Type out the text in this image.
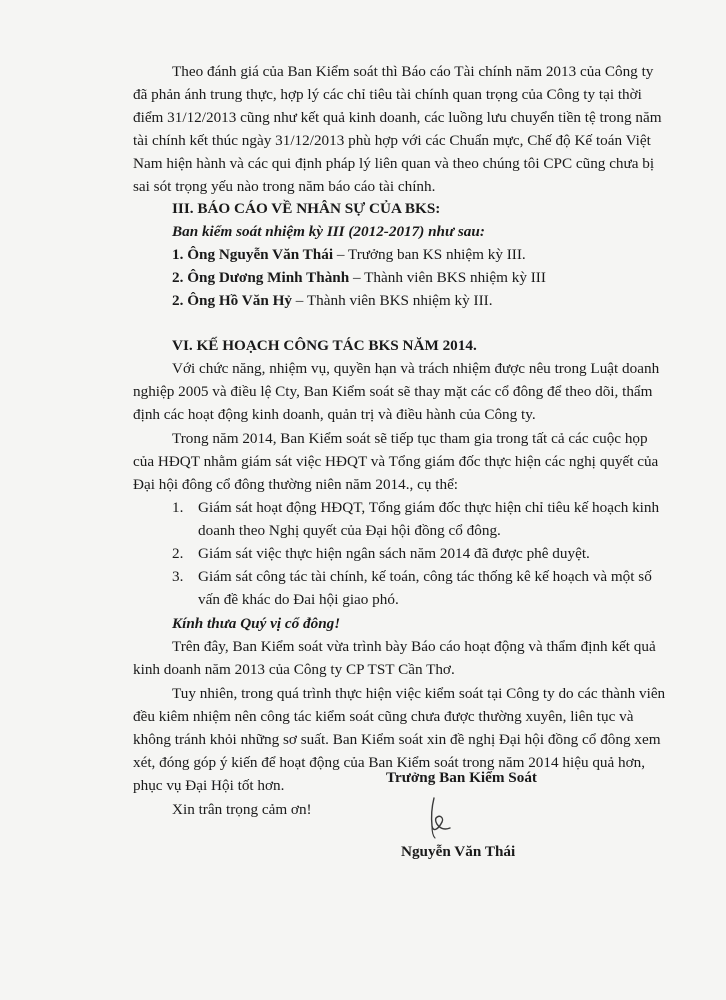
Theo đánh giá của Ban Kiểm soát thì Báo cáo Tài chính năm 2013 của Công ty
đã phản ánh trung thực, hợp lý các chỉ tiêu tài chính quan trọng của Công ty tại thời
điểm 31/12/2013 cũng như kết quả kinh doanh, các luồng lưu chuyển tiền tệ trong năm
tài chính kết thúc ngày 31/12/2013 phù hợp với các Chuẩn mực, Chế độ Kế toán Việt
Nam hiện hành và các qui định pháp lý liên quan và theo chúng tôi CPC cũng chưa bị
sai sót trọng yếu nào trong năm báo cáo tài chính.
III. BÁO CÁO VỀ NHÂN SỰ CỦA BKS:
Ban kiểm soát nhiệm kỳ III (2012-2017) như sau:
1. Ông Nguyễn Văn Thái – Trưởng ban KS nhiệm kỳ III.
2. Ông Dương Minh Thành – Thành viên BKS nhiệm kỳ III
2. Ông Hồ Văn Hỷ – Thành viên BKS nhiệm kỳ III.
VI. KẾ HOẠCH CÔNG TÁC BKS NĂM 2014.
Với chức năng, nhiệm vụ, quyền hạn và trách nhiệm được nêu trong Luật doanh
nghiệp 2005 và điều lệ Cty, Ban Kiểm soát sẽ thay mặt các cổ đông để theo dõi, thẩm
định các hoạt động kinh doanh, quản trị và điều hành của Công ty.
Trong năm 2014, Ban Kiểm soát sẽ tiếp tục tham gia trong tất cả các cuộc họp
của HĐQT nhằm giám sát việc HĐQT và Tổng giám đốc thực hiện các nghị quyết của
Đại hội đông cổ đông thường niên năm 2014., cụ thể:
1. Giám sát hoạt động HĐQT, Tổng giám đốc thực hiện chỉ tiêu kế hoạch kinh
doanh theo Nghị quyết của Đại hội đồng cổ đông.
2. Giám sát việc thực hiện ngân sách năm 2014 đã được phê duyệt.
3. Giám sát công tác tài chính, kế toán, công tác thống kê kế hoạch và một số
vấn đề khác do Đai hội giao phó.
Kính thưa Quý vị cổ đông!
Trên đây, Ban Kiểm soát vừa trình bày Báo cáo hoạt động và thẩm định kết quả
kinh doanh năm 2013 của Công ty CP TST Cần Thơ.
Tuy nhiên, trong quá trình thực hiện việc kiểm soát tại Công ty do các thành viên
đều kiêm nhiệm nên công tác kiểm soát cũng chưa được thường xuyên, liên tục và
không tránh khỏi những sơ suất. Ban Kiểm soát xin đề nghị Đại hội đồng cổ đông xem
xét, đóng góp ý kiến để hoạt động của Ban Kiểm soát trong năm 2014 hiệu quả hơn,
phục vụ Đại Hội tốt hơn.
Xin trân trọng cảm ơn!
Trưởng Ban Kiểm Soát
Nguyễn Văn Thái
